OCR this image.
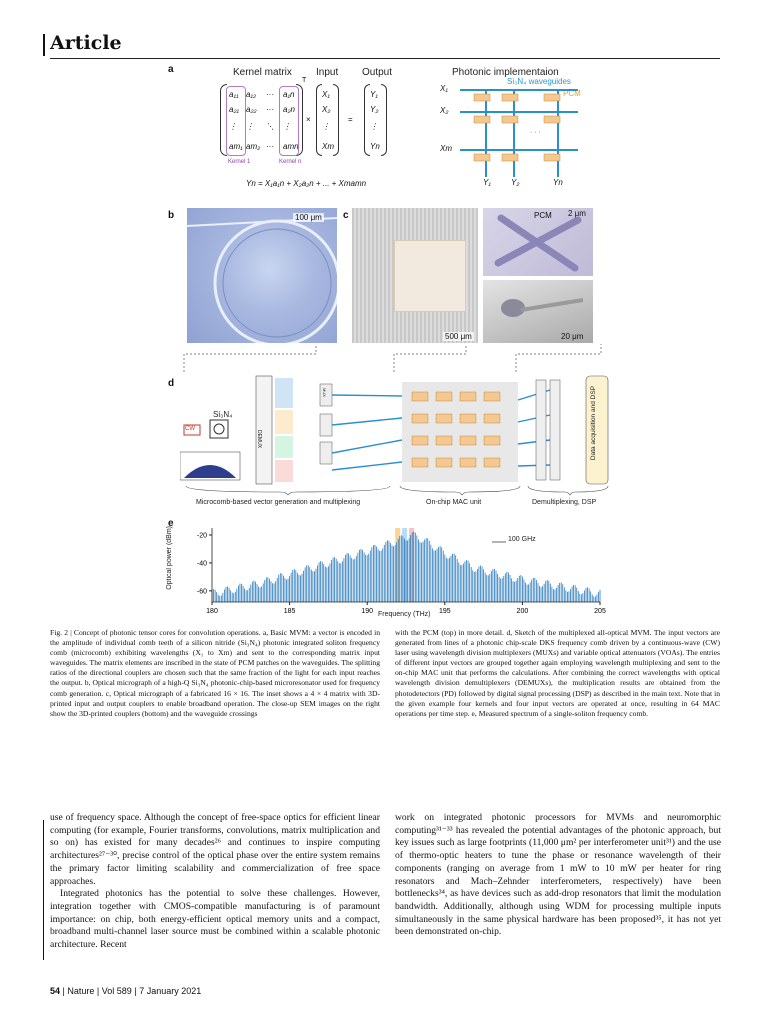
Article
a	Kernel matrix Input Output	Photonic implementaion
T
a₁₁ a₁₂ ··· a₁n
a₂₁ a₂₂ ··· a₂n
⋮ ⋮ ⋱ ⋮
am₁ am₂ ··· amn
Kernel 1	Kernel n
×
X₁
X₂
⋮
Xm
=
Y₁
Y₂
⋮
Yn
Yn = X₁a₁n + X₂a₂n + ... + Xmamn
Si₃N₄ waveguides
PCM
· · ·
X₁
X₂
Xm
Y₁	Y₂	Yn
b	100 μm c
500 μm
PCM 2 μm
20 μm
d
Si₃N₄
CW
DEMUX
MUX	Data acquisition and DSP
Microcomb-based vector generation and multiplexing	On-chip MAC unit	Demultiplexing, DSP
e
180	185	190	195	200	205
-20
-40
-60
Optical power (dBm)
Frequency (THz)
100 GHz
Fig. 2 | Concept of photonic tensor cores for convolution operations. a, Basic MVM: a vector is encoded in the amplitude of individual comb teeth of a silicon nitride (Si₃N₄) photonic integrated soliton frequency comb (microcomb) exhibiting wavelengths (X₁ to Xm) and sent to the corresponding matrix input waveguides. The matrix elements are inscribed in the state of PCM patches on the waveguides. The splitting ratios of the directional couplers are chosen such that the same fraction of the light for each input reaches the output. b, Optical micrograph of a high-Q Si₃N₄ photonic-chip-based microresonator used for frequency comb generation. c, Optical micrograph of a fabricated 16 × 16. The inset shows a 4 × 4 matrix with 3D-printed input and output couplers to enable broadband operation. The close-up SEM images on the right show the 3D-printed couplers (bottom) and the waveguide crossings
with the PCM (top) in more detail. d, Sketch of the multiplexed all-optical MVM. The input vectors are generated from lines of a photonic chip-scale DKS frequency comb driven by a continuous-wave (CW) laser using wavelength division multiplexers (MUXs) and variable optical attenuators (VOAs). The entries of different input vectors are grouped together again employing wavelength multiplexing and sent to the on-chip MAC unit that performs the calculations. After combining the correct wavelengths with optical wavelength division demultiplexers (DEMUXs), the multiplication results are obtained from the photodetectors (PD) followed by digital signal processing (DSP) as described in the main text. Note that in the given example four kernels and four input vectors are operated at once, resulting in 64 MAC operations per time step. e, Measured spectrum of a single-soliton frequency comb.
use of frequency space. Although the concept of free-space optics for efficient linear computing (for example, Fourier transforms, convolutions, matrix multiplication and so on) has existed for many decades²⁶ and continues to inspire computing architectures²⁷⁻³⁰, precise control of the optical phase over the entire system remains the primary factor limiting scalability and commercialization of free space approaches.
Integrated photonics has the potential to solve these challenges. However, integration together with CMOS-compatible manufacturing is of paramount importance: on chip, both energy-efficient optical memory units and a compact, broadband multi-channel laser source must be combined within a scalable photonic architecture. Recent
work on integrated photonic processors for MVMs and neuromorphic computing³¹⁻³³ has revealed the potential advantages of the photonic approach, but key issues such as large footprints (11,000 μm² per interferometer unit³¹) and the use of thermo-optic heaters to tune the phase or resonance wavelength of their components (ranging on average from 1 mW to 10 mW per heater for ring resonators and Mach–Zehnder interferometers, respectively) have been bottlenecks³⁴, as have devices such as add-drop resonators that limit the modulation bandwidth. Additionally, although using WDM for processing multiple inputs simultaneously in the same physical hardware has been proposed³⁵, it has not yet been demonstrated on-chip.
54 | Nature | Vol 589 | 7 January 2021
